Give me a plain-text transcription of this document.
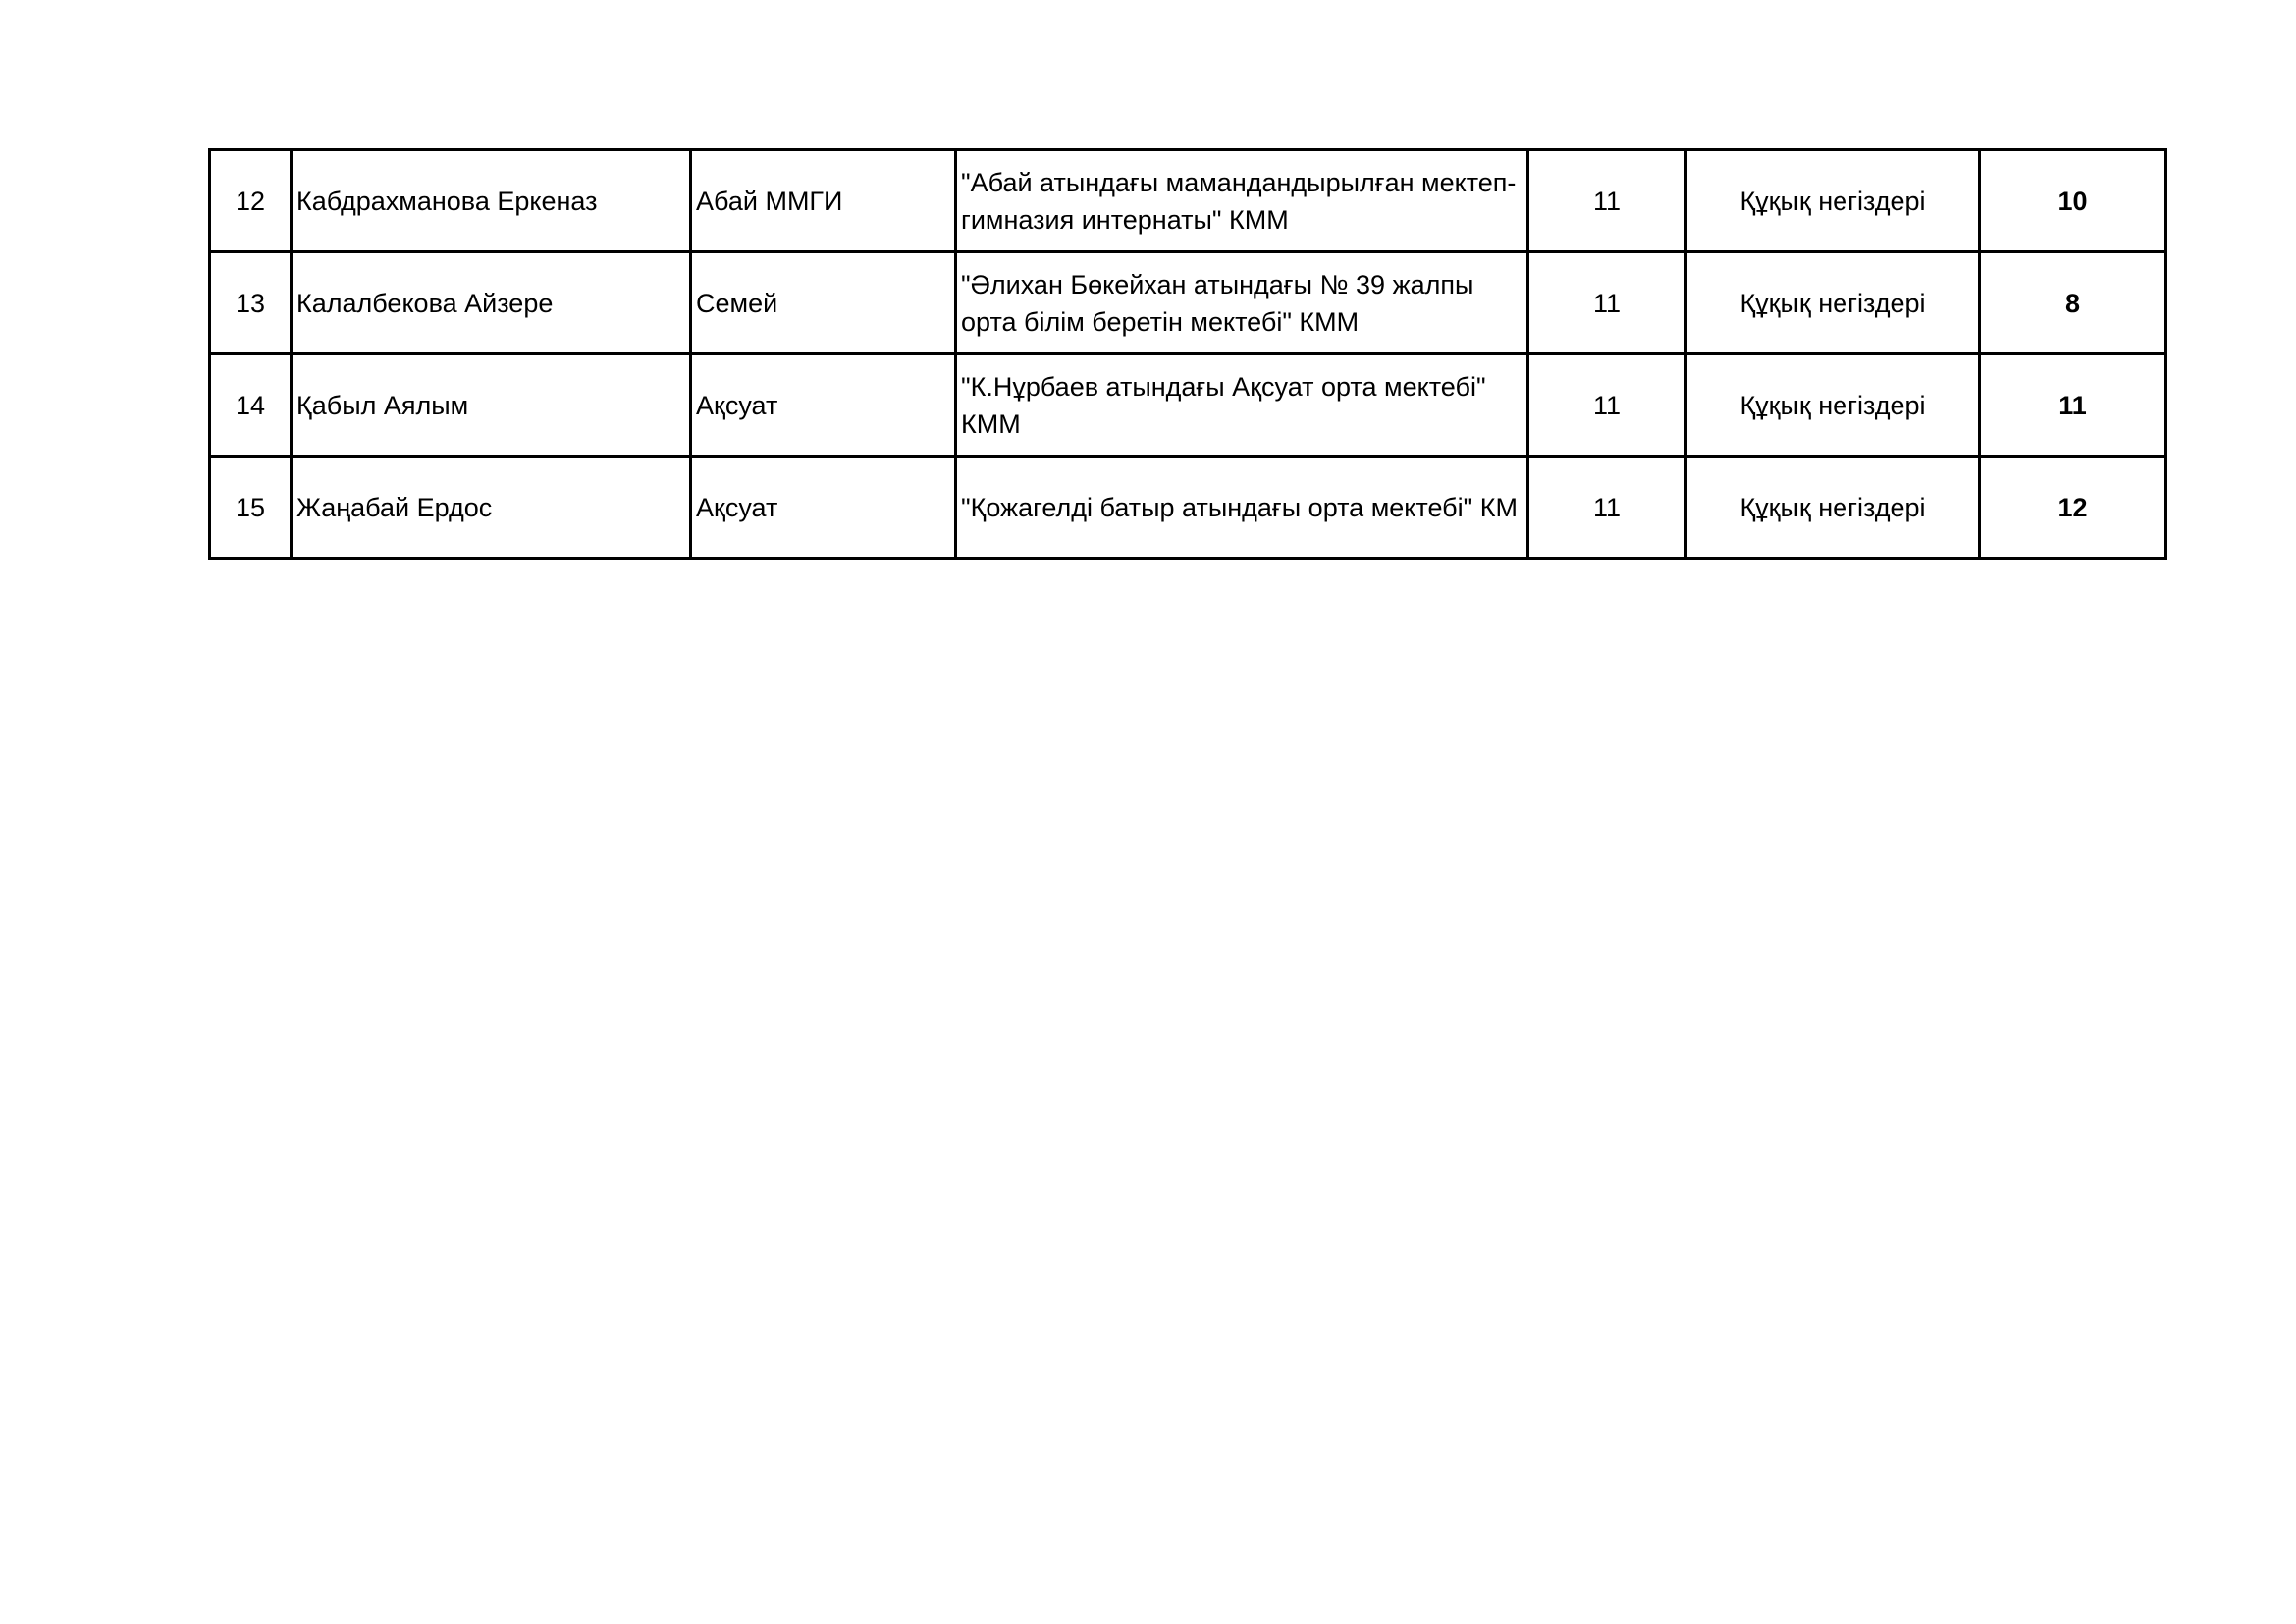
12	Кабдрахманова Еркеназ	Абай ММГИ	"Абай атындағы мамандандырылған мектеп-гимназия интернаты" КММ	11	Құқық негіздері	10
13	Калалбекова Айзере	Семей	"Әлихан Бөкейхан атындағы № 39 жалпы орта білім беретін мектебі" КММ	11	Құқық негіздері	8
14	Қабыл Аялым	Ақсуат	"К.Нұрбаев атындағы Ақсуат орта мектебі" КММ	11	Құқық негіздері	11
15	Жаңабай Ердос	Ақсуат	"Қожагелді батыр атындағы орта мектебі" КМ	11	Құқық негіздері	12
